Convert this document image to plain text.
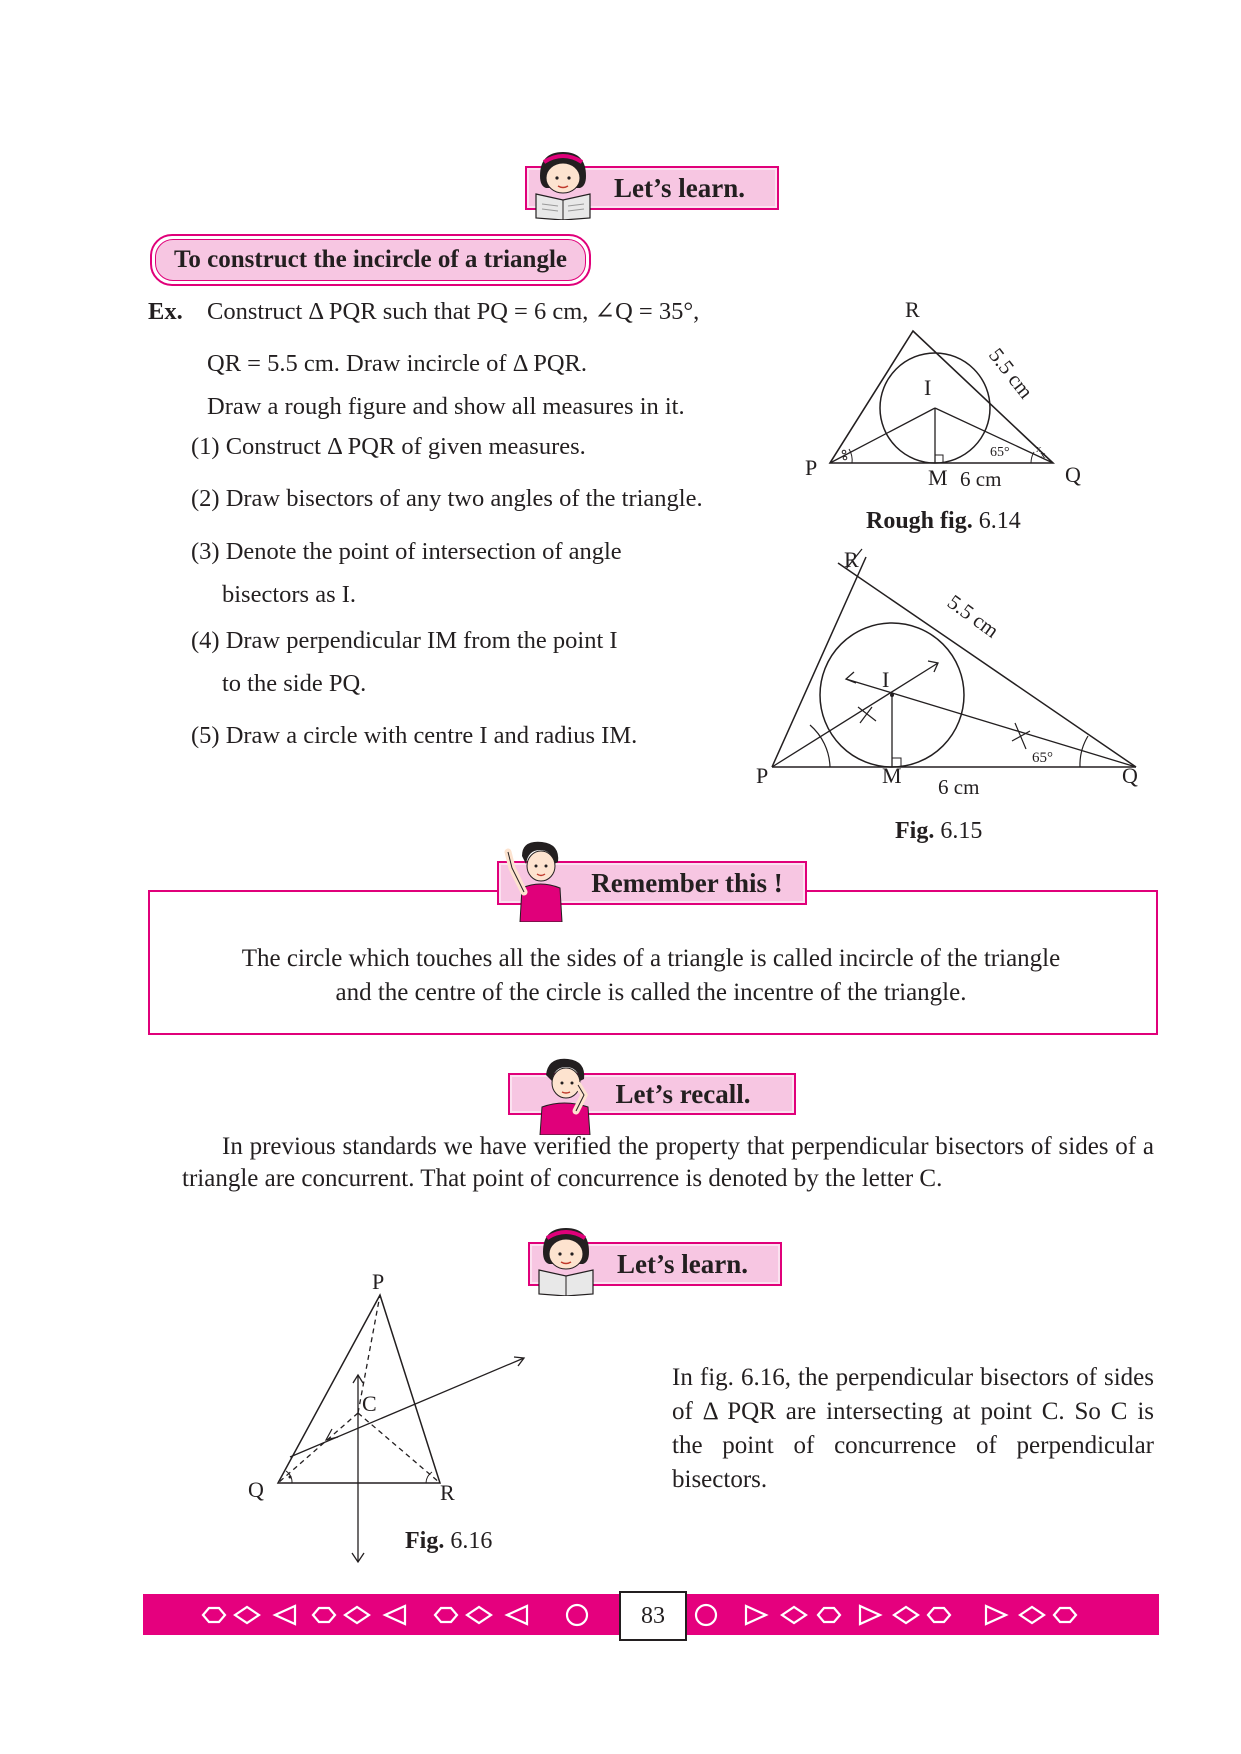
Let’s learn.
To construct the incircle of a triangle
Ex. Construct Δ PQR such that PQ = 6 cm, ∠Q = 35°,
QR = 5.5 cm. Draw incircle of Δ PQR.
Draw a rough figure and show all measures in it.
(1) Construct Δ PQR of given measures.
(2) Draw bisectors of any two angles of the triangle.
(3) Denote the point of intersection of angle
bisectors as I.
(4) Draw perpendicular IM from the point I
to the side PQ.
(5) Draw a circle with centre I and radius IM.
x
x
R
P	Q
I
M 6 cm
65°
5.5 cm
Rough fig. 6.14
R
P	Q
I
M 6 cm
65°
5.5 cm
Fig. 6.15
Remember this !
The circle which touches all the sides of a triangle is called incircle of the triangle
and the centre of the circle is called the incentre of the triangle.
Let’s recall.
In previous standards we have verified the property that perpendicular bisectors of sides of a triangle are concurrent. That point of concurrence is denoted by the letter C.
Let’s learn.
P
Q	R
C
Fig. 6.16
In fig. 6.16, the perpendicular bisectors of sides of Δ PQR are intersecting at point C. So C is the point of concurrence of perpendicular bisectors.
83
